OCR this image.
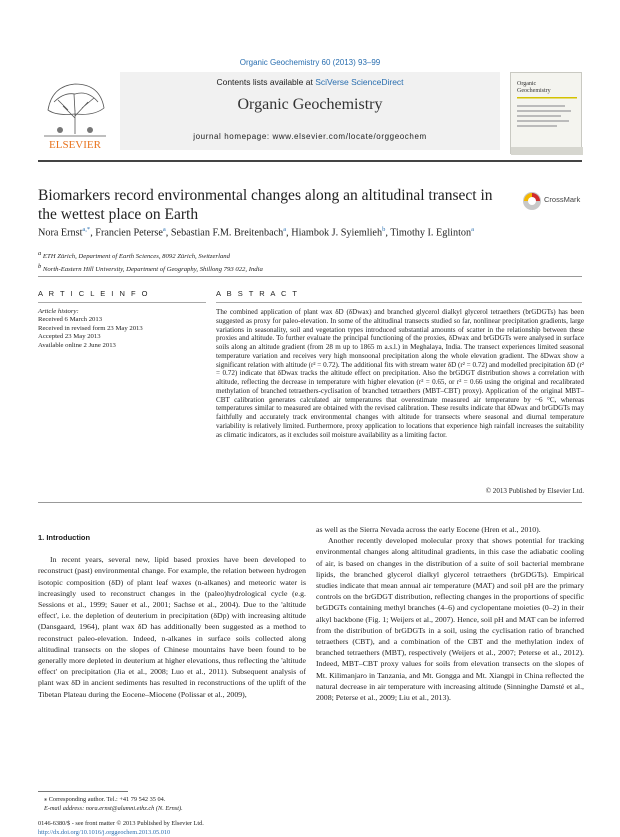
Organic Geochemistry 60 (2013) 93–99
ELSEVIER
Contents lists available at SciVerse ScienceDirect
Organic Geochemistry
journal homepage: www.elsevier.com/locate/orggeochem
Organic
Geochemistry
Biomarkers record environmental changes along an altitudinal transect in the wettest place on Earth
CrossMark
Nora Ernst$^{a,*}$, Francien Peterse$^a$, Sebastian F.M. Breitenbach$^a$, Hiambok J. Syiemlieh$^b$, Timothy I. Eglinton$^a$
$^a$ ETH Zürich, Department of Earth Sciences, 8092 Zürich, Switzerland
$^b$ North-Eastern Hill University, Department of Geography, Shillong 793 022, India
A R T I C L E I N F O	A B S T R A C T
Article history:
Received 6 March 2013
Received in revised form 23 May 2013
Accepted 23 May 2013
Available online 2 June 2013
The combined application of plant wax δD (δDwax) and branched glycerol dialkyl glycerol tetraethers (brGDGTs) has been suggested as proxy for paleo-elevation. In some of the altitudinal transects studied so far, nonlinear precipitation gradients, large variations in seasonality, soil and vegetation types introduced substantial amounts of scatter in the relationship between these proxies and altitude. To further evaluate the principal functioning of the proxies, δDwax and brGDGTs were analysed in surface soils along an altitude gradient (from 28 m up to 1865 m a.s.l.) in Meghalaya, India. The transect experiences limited seasonal temperature variation and receives very high monsoonal precipitation along the whole elevation gradient. The δDwax show a significant relation with altitude (r² = 0.72). The additional fits with stream water δD (r² = 0.72) and modelled precipitation δD (r² = 0.72) indicate that δDwax tracks the altitude effect on precipitation. Also the brGDGT distribution shows a correlation with altitude, reflecting the decrease in temperature with higher elevation (r² = 0.65, or r² = 0.66 using the original and recalibrated methylation of branched tetraethers-cyclisation of branched tetraethers (MBT–CBT) proxy). Application of the original MBT–CBT calibration generates calculated air temperatures that overestimate measured air temperature by ~6 °C, whereas temperatures similar to measured are obtained with the revised calibration. These results indicate that δDwax and brGDGTs may faithfully and accurately track environmental changes with altitude for transects where seasonal and diurnal temperature variability is relatively limited. Furthermore, proxy application to locations that experience high rainfall increases the suitability as climatic indicators, as it excludes soil moisture availability as a limiting factor.
© 2013 Published by Elsevier Ltd.
1. Introduction

In recent years, several new, lipid based proxies have been developed to reconstruct (past) environmental change. For example, the relation between hydrogen isotopic composition (δD) of plant leaf waxes (n-alkanes) and meteoric water is increasingly used to reconstruct changes in the (paleo)hydrological cycle (e.g. Sessions et al., 1999; Sauer et al., 2001; Sachse et al., 2004). Due to the 'altitude effect', i.e. the depletion of deuterium in precipitation (δDp) with increasing altitude (Dansgaard, 1964), plant wax δD has additionally been suggested as a method to reconstruct paleo-elevation. Indeed, n-alkanes in surface soils collected along altitudinal transects on the slopes of Chinese mountains have been found to be generally more depleted in deuterium at higher elevations, thus reflecting the 'altitude effect' on precipitation (Jia et al., 2008; Luo et al., 2011). Subsequent analysis of plant wax δD in ancient sediments has resulted in reconstructions of the uplift of the Tibetan Plateau during the Eocene–Miocene (Polissar et al., 2009),

as well as the Sierra Nevada across the early Eocene (Hren et al., 2010).

Another recently developed molecular proxy that shows potential for tracking environmental changes along altitudinal gradients, in this case the adiabatic cooling of air, is based on changes in the distribution of a suite of soil bacterial membrane lipids, the branched glycerol dialkyl glycerol tetraethers (brGDGTs). Empirical studies indicate that mean annual air temperature (MAT) and soil pH are the primary controls on the brGDGT distribution, reflecting changes in the proportions of specific brGDGTs containing methyl branches (4–6) and cyclopentane moieties (0–2) in their alkyl backbone (Fig. 1; Weijers et al., 2007). Hence, soil pH and MAT can be inferred from the distribution of brGDGTs in a soil, using the cyclisation ratio of branched tetraethers (CBT), and a combination of the CBT and the methylation index of branched tetraethers (MBT), respectively (Weijers et al., 2007; Peterse et al., 2012). Indeed, MBT–CBT proxy values for soils from elevation transects on the slopes of Mt. Kilimanjaro in Tanzania, and Mt. Gongga and Mt. Xiangpi in China reflected the natural decrease in air temperature with increasing altitude (Sinninghe Damsté et al., 2008; Peterse et al., 2009; Liu et al., 2013).

⁎ Corresponding author. Tel.: +41 79 542 35 04.
E-mail address: nora.ernst@alumni.ethz.ch (N. Ernst).
0146-6380/$ - see front matter © 2013 Published by Elsevier Ltd.
http://dx.doi.org/10.1016/j.orggeochem.2013.05.010
